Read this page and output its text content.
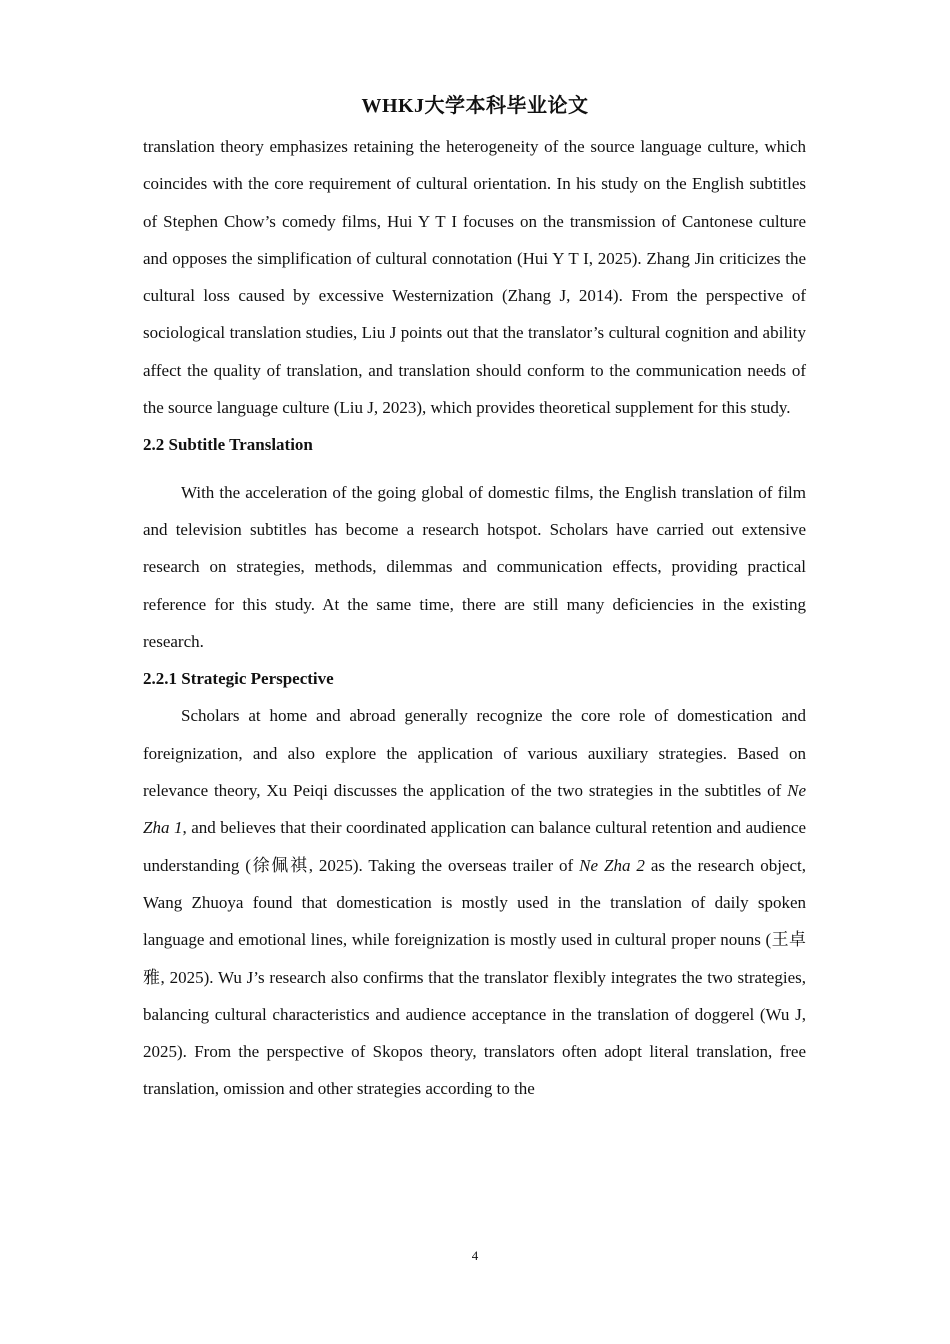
WHKJ大学本科毕业论文

translation theory emphasizes retaining the heterogeneity of the source language culture, which coincides with the core requirement of cultural orientation. In his study on the English subtitles of Stephen Chow’s comedy films, Hui Y T I focuses on the transmission of Cantonese culture and opposes the simplification of cultural connotation (Hui Y T I, 2025). Zhang Jin criticizes the cultural loss caused by excessive Westernization (Zhang J, 2014). From the perspective of sociological translation studies, Liu J points out that the translator’s cultural cognition and ability affect the quality of translation, and translation should conform to the communication needs of the source language culture (Liu J, 2023), which provides theoretical supplement for this study.

2.2 Subtitle Translation

With the acceleration of the going global of domestic films, the English translation of film and television subtitles has become a research hotspot. Scholars have carried out extensive research on strategies, methods, dilemmas and communication effects, providing practical reference for this study. At the same time, there are still many deficiencies in the existing research.

2.2.1 Strategic Perspective

Scholars at home and abroad generally recognize the core role of domestication and foreignization, and also explore the application of various auxiliary strategies. Based on relevance theory, Xu Peiqi discusses the application of the two strategies in the subtitles of Ne Zha 1, and believes that their coordinated application can balance cultural retention and audience understanding (徐佩祺, 2025). Taking the overseas trailer of Ne Zha 2 as the research object, Wang Zhuoya found that domestication is mostly used in the translation of daily spoken language and emotional lines, while foreignization is mostly used in cultural proper nouns (王卓雅, 2025). Wu J’s research also confirms that the translator flexibly integrates the two strategies, balancing cultural characteristics and audience acceptance in the translation of doggerel (Wu J, 2025). From the perspective of Skopos theory, translators often adopt literal translation, free translation, omission and other strategies according to the

4
